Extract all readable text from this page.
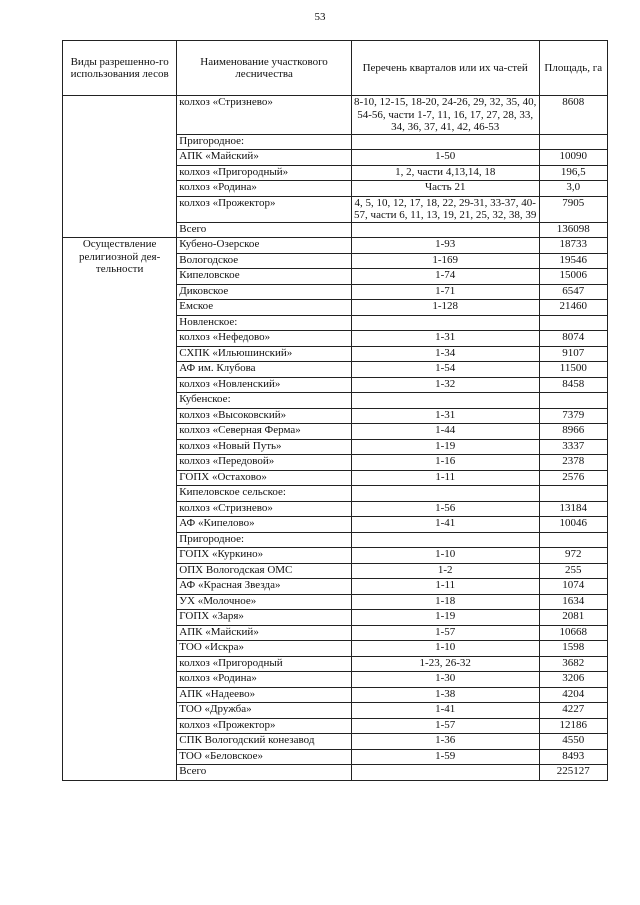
53
Виды разрешенно-го использования лесов	Наименование участкового лесничества	Перечень кварталов или их ча-стей	Площадь, га
	колхоз «Стризнево»	8-10, 12-15, 18-20, 24-26, 29, 32, 35, 40, 54-56, части 1-7, 11, 16, 17, 27, 28, 33, 34, 36, 37, 41, 42, 46-53	8608
	Пригородное:		
	АПК «Майский»	1-50	10090
	колхоз «Пригородный»	1, 2, части 4,13,14, 18	196,5
	колхоз «Родина»	Часть 21	3,0
	колхоз «Прожектор»	4, 5, 10, 12, 17, 18, 22, 29-31, 33-37, 40-57, части 6, 11, 13, 19, 21, 25, 32, 38, 39	7905
	Всего		136098
Осуществление религиозной дея-тельности	Кубено-Озерское	1-93	18733
	Вологодское	1-169	19546
	Кипеловское	1-74	15006
	Диковское	1-71	6547
	Емское	1-128	21460
	Новленское:		
	колхоз «Нефедово»	1-31	8074
	СХПК «Ильюшинский»	1-34	9107
	АФ им. Клубова	1-54	11500
	колхоз «Новленский»	1-32	8458
	Кубенское:		
	колхоз «Высоковский»	1-31	7379
	колхоз «Северная Ферма»	1-44	8966
	колхоз «Новый Путь»	1-19	3337
	колхоз «Передовой»	1-16	2378
	ГОПХ «Остахово»	1-11	2576
	Кипеловское сельское:		
	колхоз «Стризнево»	1-56	13184
	АФ «Кипелово»	1-41	10046
	Пригородное:		
	ГОПХ «Куркино»	1-10	972
	ОПХ Вологодская ОМС	1-2	255
	АФ «Красная Звезда»	1-11	1074
	УХ «Молочное»	1-18	1634
	ГОПХ «Заря»	1-19	2081
	АПК «Майский»	1-57	10668
	ТОО «Искра»	1-10	1598
	колхоз «Пригородный	1-23, 26-32	3682
	колхоз «Родина»	1-30	3206
	АПК «Надеево»	1-38	4204
	ТОО «Дружба»	1-41	4227
	колхоз «Прожектор»	1-57	12186
	СПК Вологодский конезавод	1-36	4550
	ТОО «Беловское»	1-59	8493
	Всего		225127
